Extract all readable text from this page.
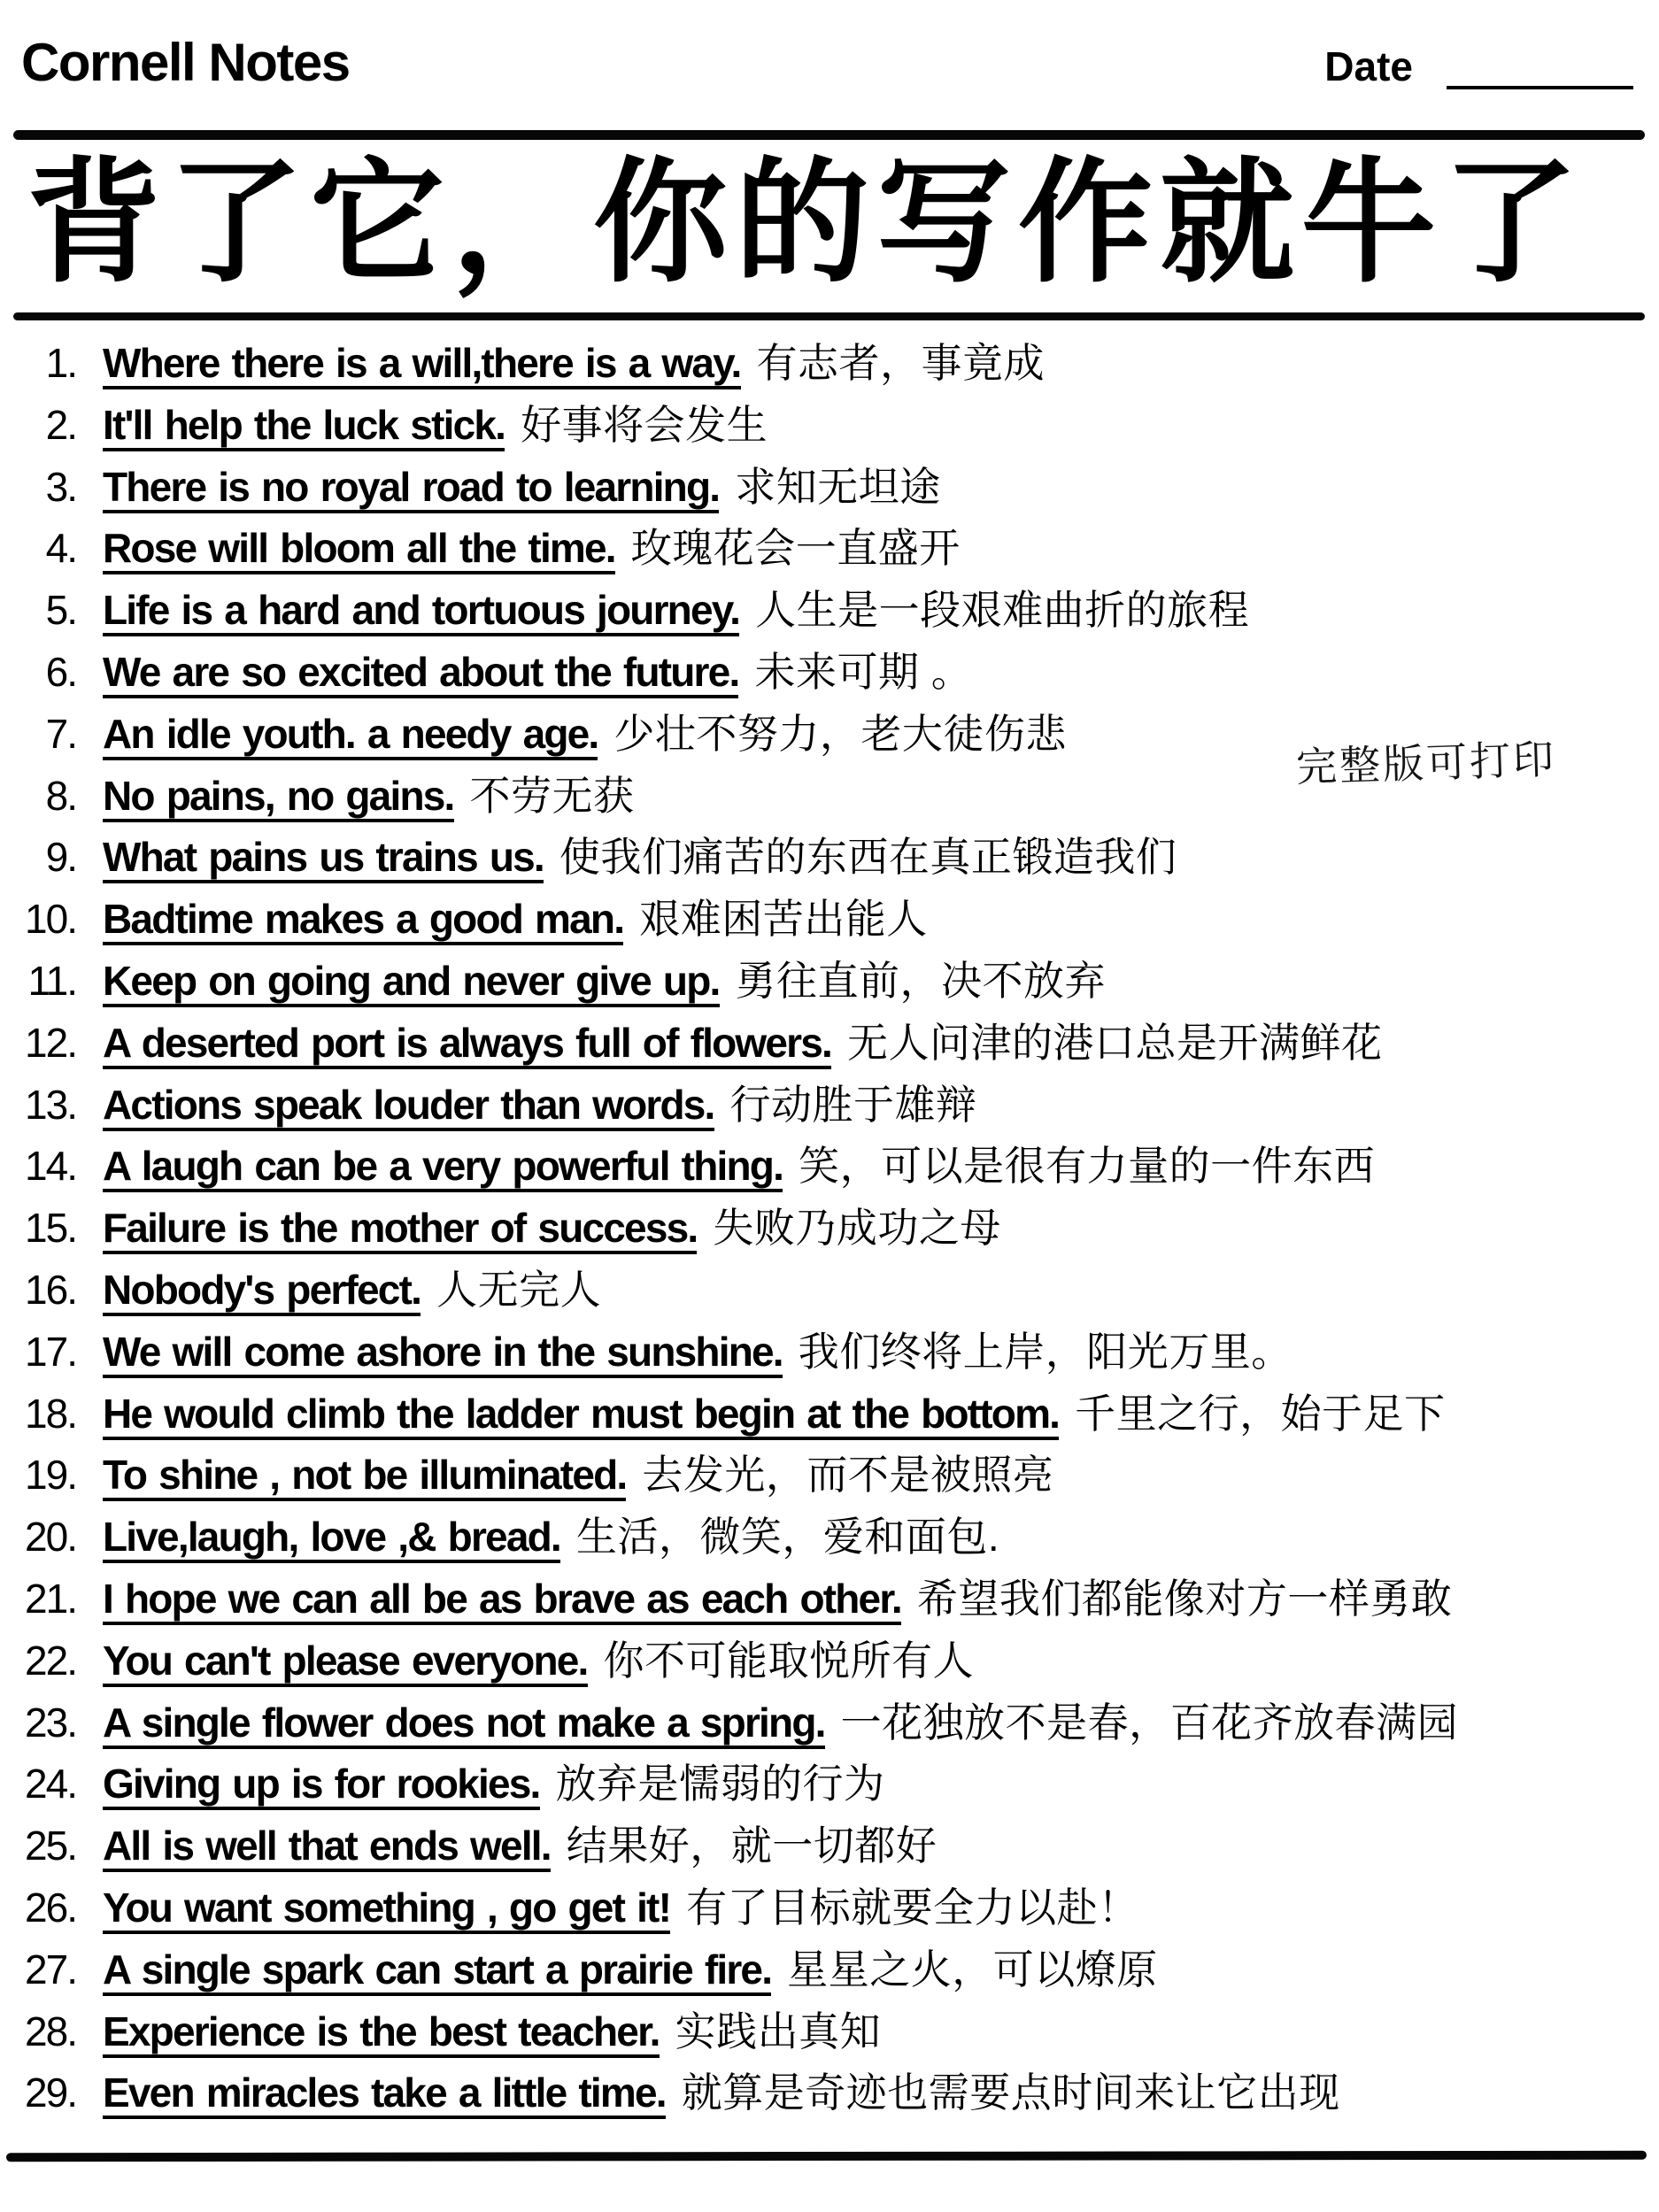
Cornell Notes	Date
背了它，你的写作就牛了
1. Where there is a will,there is a way. 有志者，事竟成
2. It'll help the luck stick. 好事将会发生
3. There is no royal road to learning. 求知无坦途
4. Rose will bloom all the time. 玫瑰花会一直盛开
5. Life is a hard and tortuous journey. 人生是一段艰难曲折的旅程
6. We are so excited about the future. 未来可期 。
7. An idle youth. a needy age. 少壮不努力，老大徒伤悲
8. No pains, no gains. 不劳无获
9. What pains us trains us. 使我们痛苦的东西在真正锻造我们
10. Badtime makes a good man. 艰难困苦出能人
11. Keep on going and never give up. 勇往直前，决不放弃
12. A deserted port is always full of flowers. 无人问津的港口总是开满鲜花
13. Actions speak louder than words. 行动胜于雄辩
14. A laugh can be a very powerful thing. 笑，可以是很有力量的一件东西
15. Failure is the mother of success. 失败乃成功之母
16. Nobody's perfect. 人无完人
17. We will come ashore in the sunshine. 我们终将上岸，阳光万里。
18. He would climb the ladder must begin at the bottom. 千里之行，始于足下
19. To shine , not be illuminated. 去发光，而不是被照亮
20. Live,laugh, love ,& bread. 生活，微笑，爱和面包.
21. I hope we can all be as brave as each other. 希望我们都能像对方一样勇敢
22. You can't please everyone. 你不可能取悦所有人
23. A single flower does not make a spring. 一花独放不是春，百花齐放春满园
24. Giving up is for rookies. 放弃是懦弱的行为
25. All is well that ends well. 结果好，就一切都好
26. You want something , go get it! 有了目标就要全力以赴！
27. A single spark can start a prairie fire. 星星之火，可以燎原
28. Experience is the best teacher. 实践出真知
29. Even miracles take a little time. 就算是奇迹也需要点时间来让它出现
完整版可打印
